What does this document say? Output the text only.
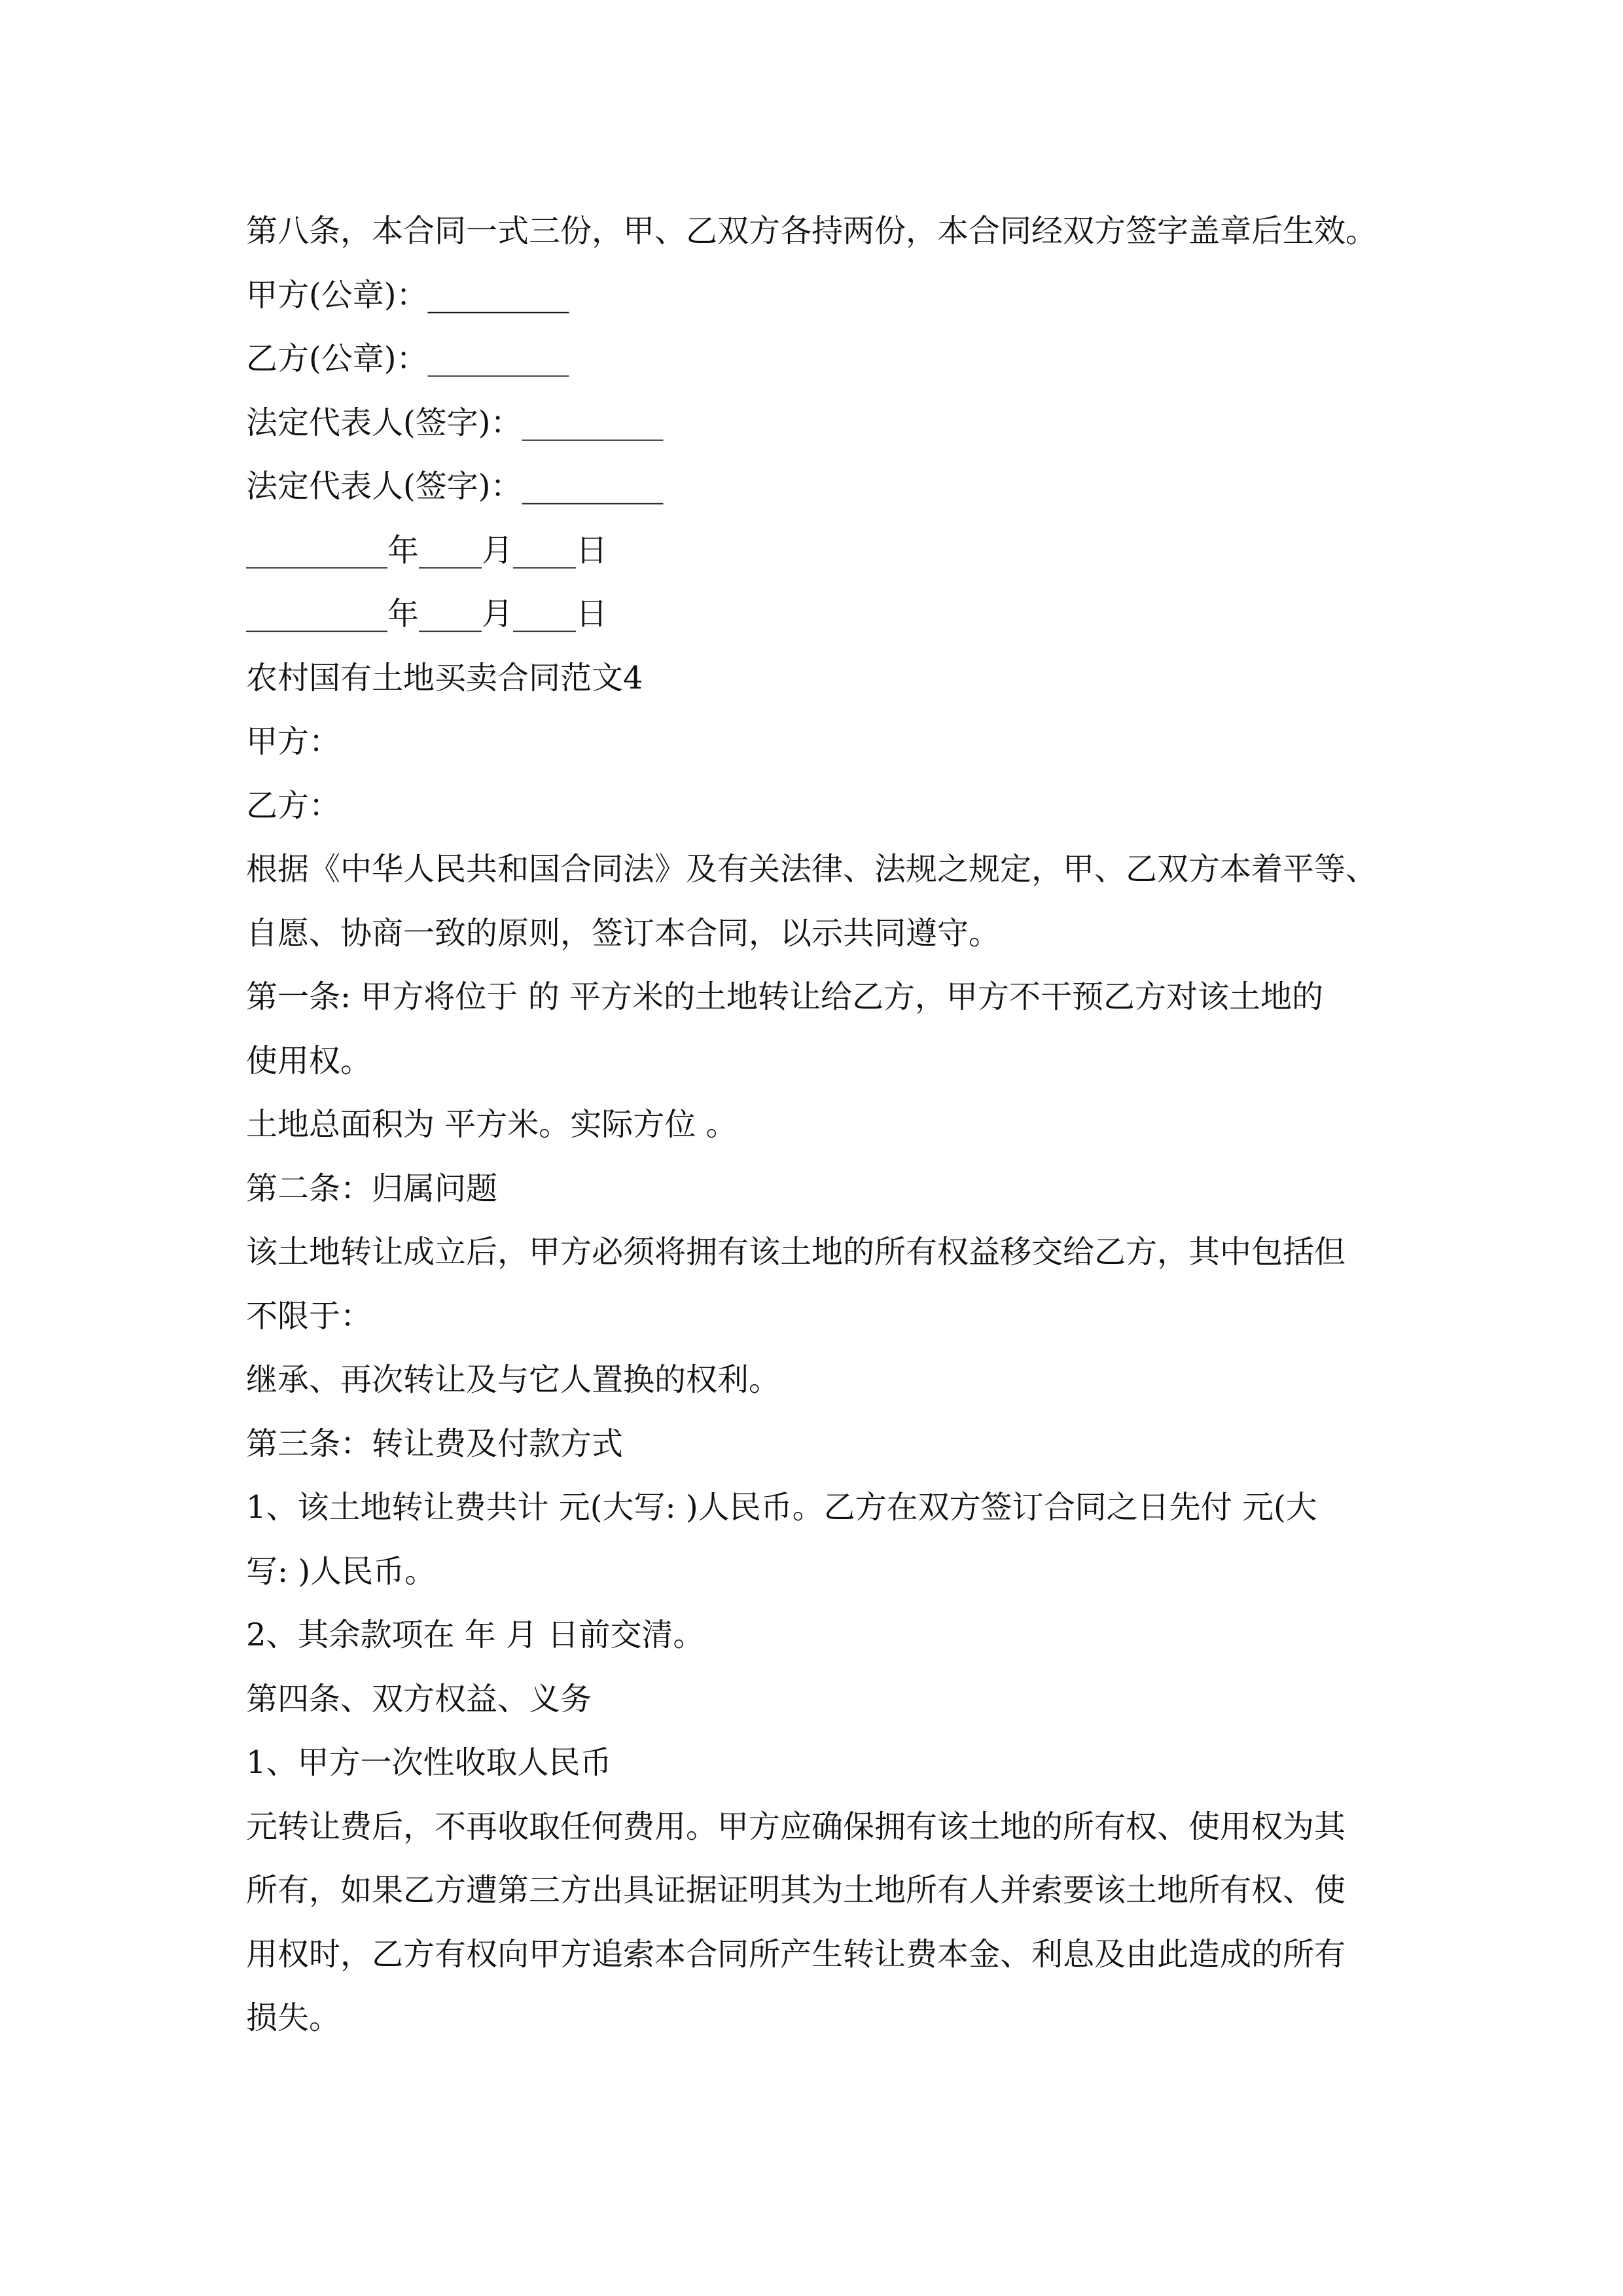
第八条，本合同一式三份，甲、乙双方各持两份，本合同经双方签字盖章后生效。
甲方(公章)：_________
乙方(公章)：_________
法定代表人(签字)：_________
法定代表人(签字)：_________
_________年____月____日
_________年____月____日
农村国有土地买卖合同范文4
甲方：
乙方：
根据《中华人民共和国合同法》及有关法律、法规之规定，甲、乙双方本着平等、
自愿、协商一致的原则，签订本合同，以示共同遵守。
第一条: 甲方将位于 的 平方米的土地转让给乙方，甲方不干预乙方对该土地的
使用权。
土地总面积为 平方米。实际方位 。
第二条：归属问题
该土地转让成立后，甲方必须将拥有该土地的所有权益移交给乙方，其中包括但
不限于：
继承、再次转让及与它人置换的权利。
第三条：转让费及付款方式
1、该土地转让费共计 元(大写: )人民币。乙方在双方签订合同之日先付 元(大
写: )人民币。
2、其余款项在 年 月 日前交清。
第四条、双方权益、义务
1、甲方一次性收取人民币
元转让费后，不再收取任何费用。甲方应确保拥有该土地的所有权、使用权为其
所有，如果乙方遭第三方出具证据证明其为土地所有人并索要该土地所有权、使
用权时，乙方有权向甲方追索本合同所产生转让费本金、利息及由此造成的所有
损失。
